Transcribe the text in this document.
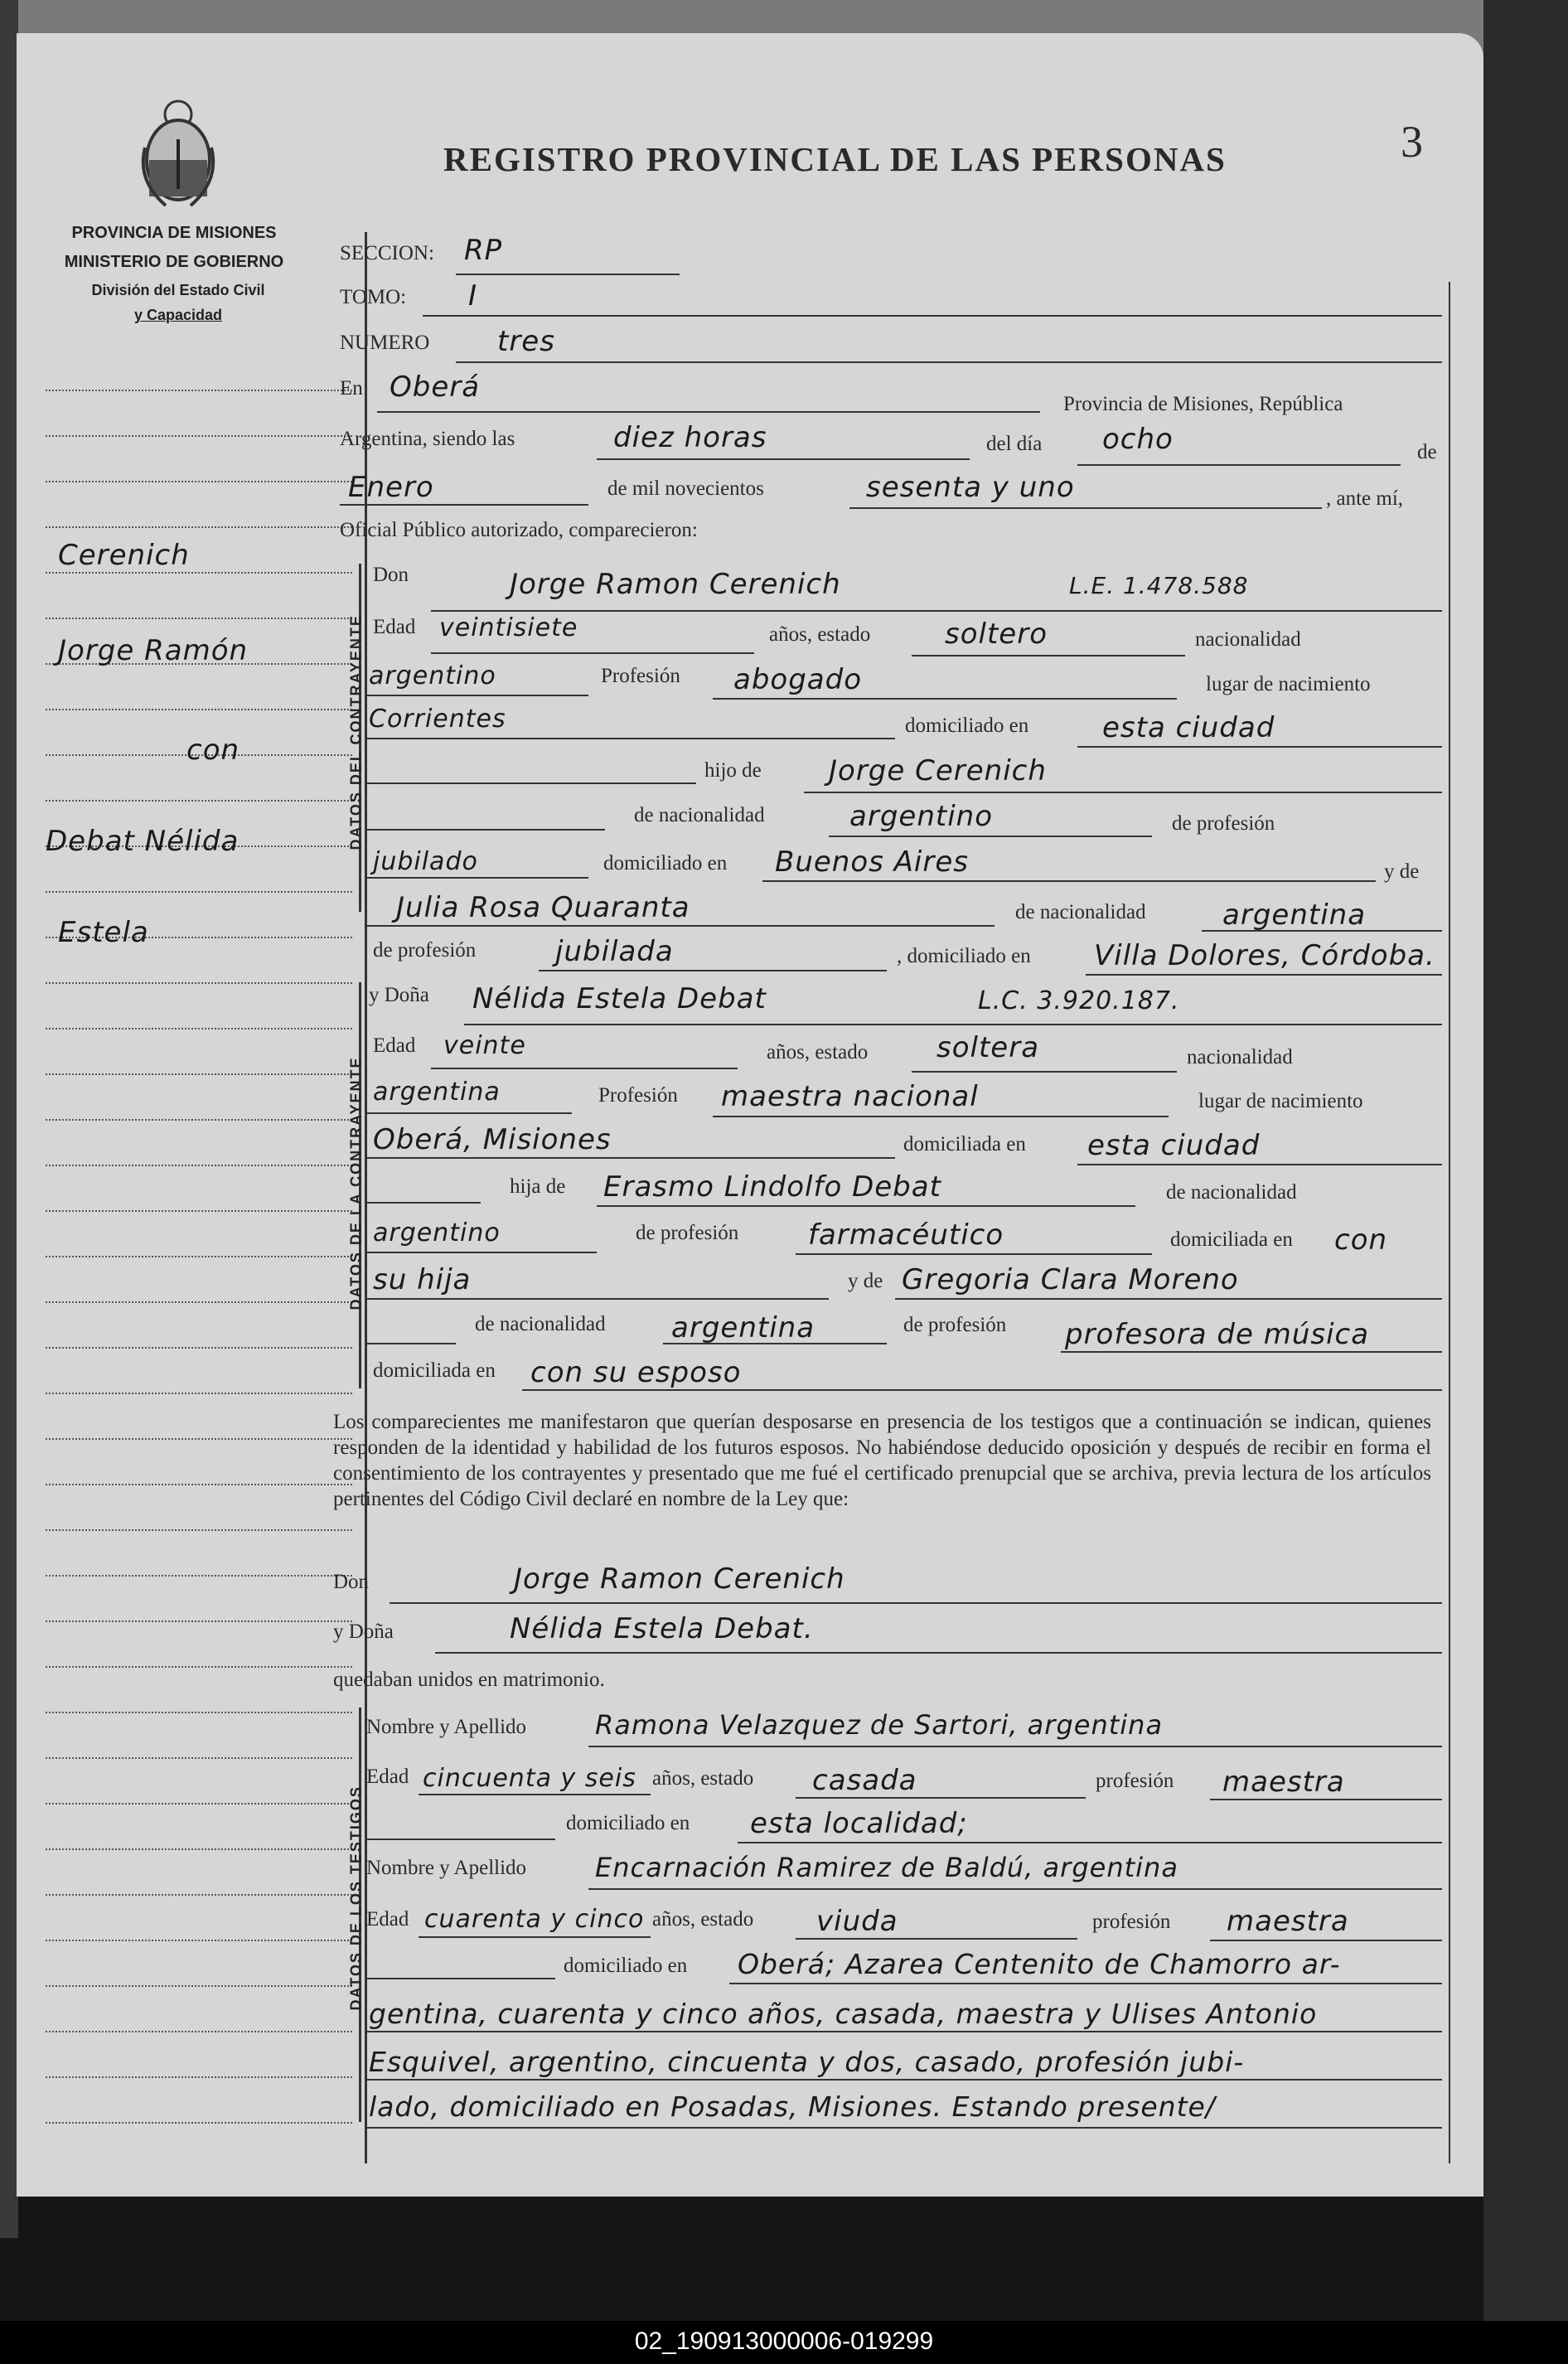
PROVINCIA DE MISIONES
MINISTERIO DE GOBIERNO
División del Estado Civil
y Capacidad
REGISTRO PROVINCIAL DE LAS PERSONAS	3
Cerenich
Jorge Ramón
con
Debat Nélida
Estela
SECCION: RP
TOMO: I
NUMERO tres
En Oberá
Provincia de Misiones, República
Argentina, siendo las	diez horas	del día ocho	de
Enero	de mil novecientos	sesenta y uno	, ante mí,
Oficial Público autorizado, comparecieron:
DATOS DEL CONTRAYENTE
Don	Jorge Ramon Cerenich	L.E. 1.478.588
Edad veintisiete	años, estado	soltero	nacionalidad
argentino	Profesión abogado	lugar de nacimiento
Corrientes	domiciliado en	esta ciudad
hijo de Jorge Cerenich
de nacionalidad	argentino	de profesión
jubilado	domiciliado en Buenos Aires	y de
Julia Rosa Quaranta	de nacionalidad	argentina
de profesión	jubilada	, domiciliado en Villa Dolores, Córdoba.
DATOS DE LA CONTRAYENTE
y Doña Nélida Estela Debat	L.C. 3.920.187.
Edad veinte	años, estado soltera	nacionalidad
argentina	Profesión maestra nacional	lugar de nacimiento
Oberá, Misiones	domiciliada en esta ciudad
hija de Erasmo Lindolfo Debat	de nacionalidad
argentino	de profesión farmacéutico	domiciliada en con
su hija	y de Gregoria Clara Moreno
de nacionalidad argentina	de profesión profesora de música
domiciliada en con su esposo
Los comparecientes me manifestaron que querían desposarse en presencia de los testigos que a continuación se indican, quienes responden de la identidad y habilidad de los futuros esposos. No habiéndose deducido oposición y después de recibir en forma el consentimiento de los contrayentes y presentado que me fué el certificado prenupcial que se archiva, previa lectura de los artículos pertinentes del Código Civil declaré en nombre de la Ley que:
Don	Jorge Ramon Cerenich
y Doña	Nélida Estela Debat.
quedaban unidos en matrimonio.
DATOS DE LOS TESTIGOS
Nombre y Apellido	Ramona Velazquez de Sartori, argentina
Edad cincuenta y seis años, estado casada	profesión maestra
domiciliado en esta localidad;
Nombre y Apellido	Encarnación Ramirez de Baldú, argentina
Edad cuarenta y cinco años, estado viuda	profesión maestra
domiciliado en Oberá; Azarea Centenito de Chamorro ar-
gentina, cuarenta y cinco años, casada, maestra y Ulises Antonio
Esquivel, argentino, cincuenta y dos, casado, profesión jubi-
lado, domiciliado en Posadas, Misiones. Estando presente/
02_190913000006-019299
